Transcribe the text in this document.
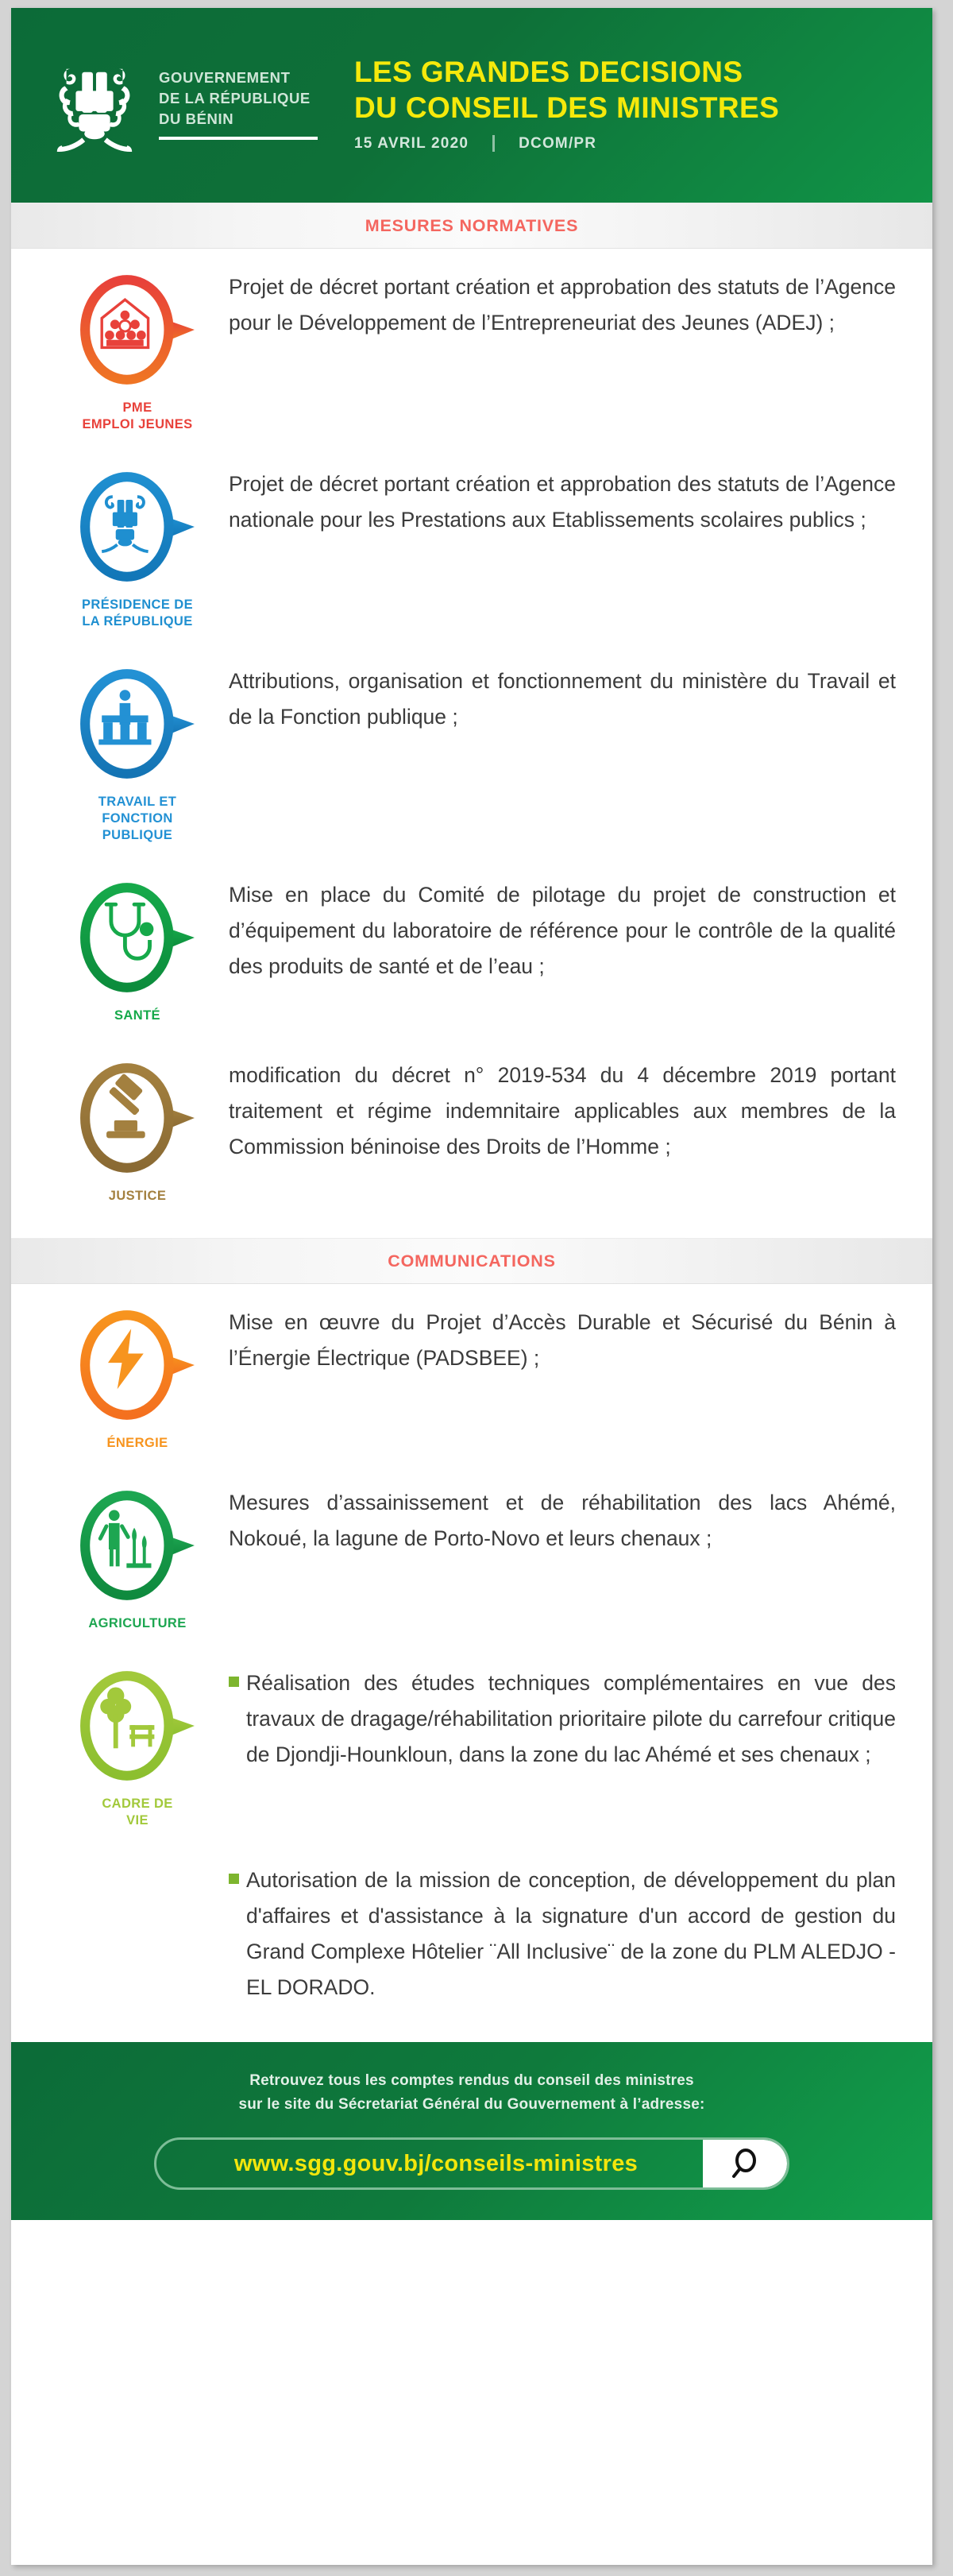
GOUVERNEMENT
DE LA RÉPUBLIQUE
DU BÉNIN
LES GRANDES DECISIONS
DU CONSEIL DES MINISTRES
15 AVRIL 2020	DCOM/PR
MESURES NORMATIVES
PME
EMPLOI JEUNES
Projet de décret portant création et approbation des statuts de l’Agence pour le Développement de l’Entrepreneuriat des Jeunes (ADEJ) ;
PRÉSIDENCE DE
LA RÉPUBLIQUE
Projet de décret portant création et approbation des statuts de l’Agence nationale pour les Prestations aux Etablissements scolaires publics ;
TRAVAIL ET
FONCTION
PUBLIQUE
Attributions, organisation et fonctionnement du ministère du Travail et de la Fonction publique ;
SANTÉ
Mise en place du Comité de pilotage du projet de construction et d’équipement du laboratoire de référence pour le contrôle de la qualité des produits de santé et de l’eau ;
JUSTICE
modification du décret n° 2019-534 du 4 décembre 2019 portant traitement et régime indemnitaire applicables aux membres de la Commission béninoise des Droits de l’Homme ;
COMMUNICATIONS
ÉNERGIE
Mise en œuvre du Projet d’Accès Durable et Sécurisé du Bénin à l’Énergie Électrique (PADSBEE) ;
AGRICULTURE
Mesures d’assainissement et de réhabilitation des lacs Ahémé, Nokoué, la lagune de Porto-Novo et leurs chenaux ;
CADRE DE
VIE
Réalisation des études techniques complémentaires en vue des travaux de dragage/réhabilitation prioritaire pilote du carrefour critique de Djondji-Hounkloun, dans la zone du lac Ahémé et ses chenaux ;
Autorisation de la mission de conception, de développement du plan d'affaires et d'assistance à la signature d'un accord de gestion du Grand Complexe Hôtelier ¨All Inclusive¨ de la zone du PLM ALEDJO - EL DORADO.
Retrouvez tous les comptes rendus du conseil des ministres
sur le site du Sécretariat Général du Gouvernement à l’adresse:
www.sgg.gouv.bj/conseils-ministres
